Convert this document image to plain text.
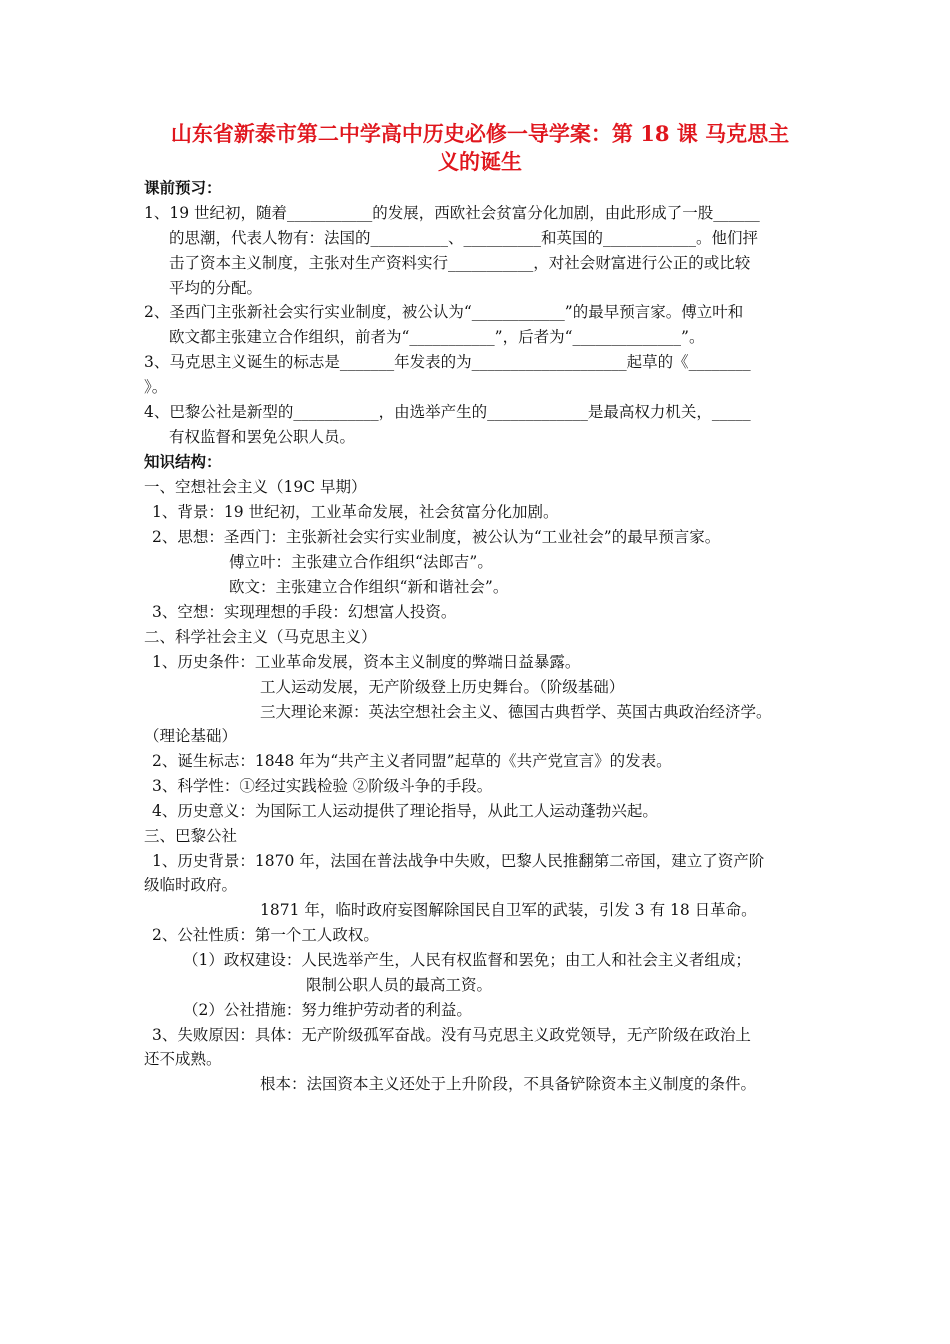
山东省新泰市第二中学高中历史必修一导学案：第 18 课 马克思主
义的诞生
课前预习：
1、19 世纪初，随着___________的发展，西欧社会贫富分化加剧，由此形成了一股______
的思潮，代表人物有：法国的__________、__________和英国的____________。他们抨
击了资本主义制度，主张对生产资料实行___________，对社会财富进行公正的或比较
平均的分配。
2、圣西门主张新社会实行实业制度，被公认为“____________”的最早预言家。傅立叶和
欧文都主张建立合作组织，前者为“___________”，后者为“______________”。
3、马克思主义诞生的标志是_______年发表的为____________________起草的《________
》。
4、巴黎公社是新型的___________，由选举产生的_____________是最高权力机关，_____
有权监督和罢免公职人员。
知识结构：
一、空想社会主义（19C 早期）
1、背景：19 世纪初，工业革命发展，社会贫富分化加剧。
2、思想：圣西门：主张新社会实行实业制度，被公认为“工业社会”的最早预言家。
傅立叶：主张建立合作组织“法郎吉”。
欧文：主张建立合作组织“新和谐社会”。
3、空想：实现理想的手段：幻想富人投资。
二、科学社会主义（马克思主义）
1、历史条件：工业革命发展，资本主义制度的弊端日益暴露。
工人运动发展，无产阶级登上历史舞台。（阶级基础）
三大理论来源：英法空想社会主义、德国古典哲学、英国古典政治经济学。
（理论基础）
2、诞生标志：1848 年为“共产主义者同盟”起草的《共产党宣言》的发表。
3、科学性：①经过实践检验 ②阶级斗争的手段。
4、历史意义：为国际工人运动提供了理论指导，从此工人运动蓬勃兴起。
三、巴黎公社
1、历史背景：1870 年，法国在普法战争中失败，巴黎人民推翻第二帝国，建立了资产阶
级临时政府。
1871 年，临时政府妄图解除国民自卫军的武装，引发 3 有 18 日革命。
2、公社性质：第一个工人政权。
（1）政权建设：人民选举产生，人民有权监督和罢免；由工人和社会主义者组成；
限制公职人员的最高工资。
（2）公社措施：努力维护劳动者的利益。
3、失败原因：具体：无产阶级孤军奋战。没有马克思主义政党领导，无产阶级在政治上
还不成熟。
根本：法国资本主义还处于上升阶段，不具备铲除资本主义制度的条件。
